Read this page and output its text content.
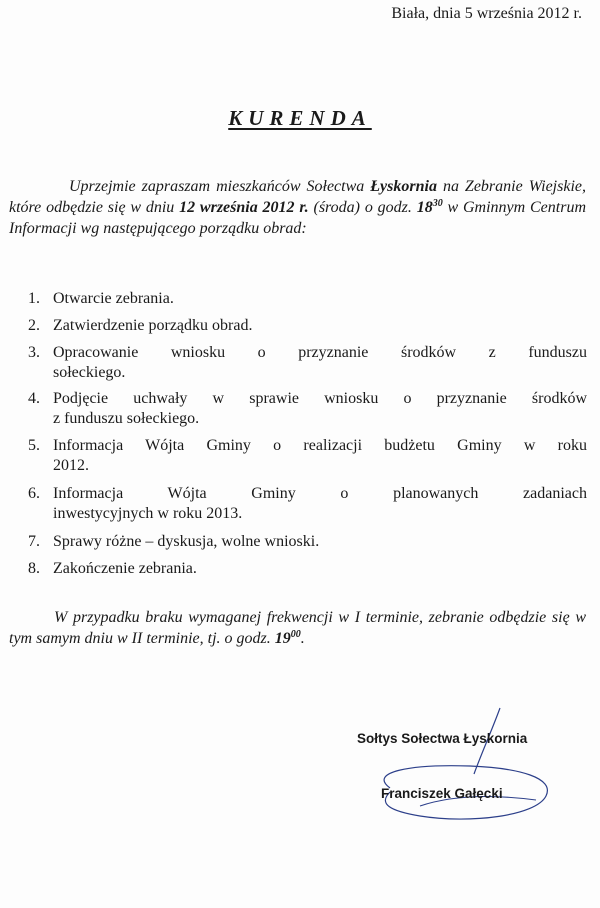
Biała, dnia 5 września 2012 r.
KURENDA

Uprzejmie zapraszam mieszkańców Sołectwa Łyskornia na Zebranie Wiejskie, które odbędzie się w dniu 12 września 2012 r. (środa) o godz. $18^{30}$ w Gminnym Centrum Informacji wg następującego porządku obrad:

1. Otwarcie zebrania.
2. Zatwierdzenie porządku obrad.
3. Opracowanie wniosku o przyznanie środków z funduszu
sołeckiego.
4. Podjęcie uchwały w sprawie wniosku o przyznanie środków
z funduszu sołeckiego.
5. Informacja Wójta Gminy o realizacji budżetu Gminy w roku
2012.
6. Informacja Wójta Gminy o planowanych zadaniach
inwestycyjnych w roku 2013.
7. Sprawy różne – dyskusja, wolne wnioski.
8. Zakończenie zebrania.

W przypadku braku wymaganej frekwencji w I terminie, zebranie odbędzie się w tym samym dniu w II terminie, tj. o godz. $19^{00}$.

Sołtys Sołectwa Łyskornia
Franciszek Gałęcki
